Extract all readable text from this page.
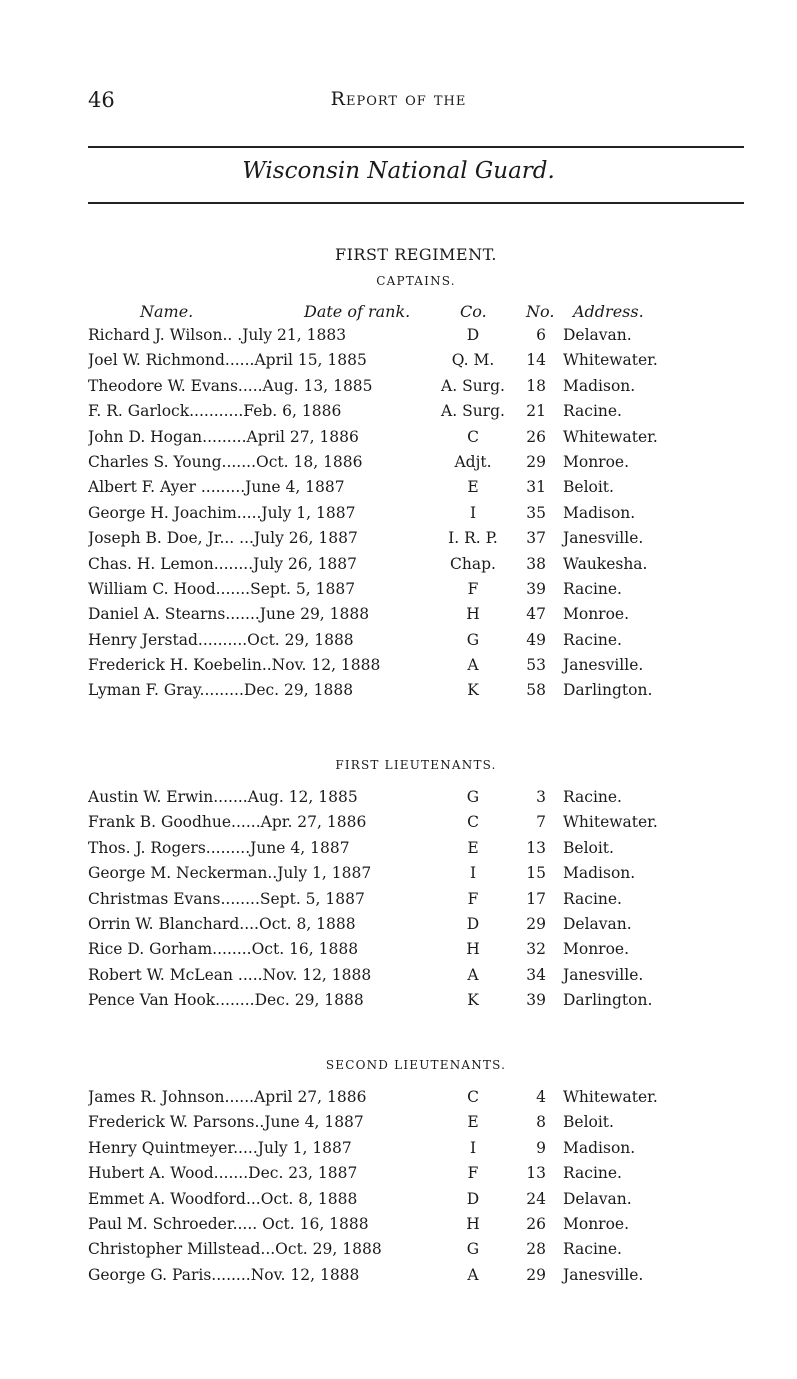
46	Report of the
Wisconsin National Guard.
FIRST REGIMENT.
CAPTAINS.
Name.	Date of rank.	Co. No. Address.
Richard J. Wilson.. .July 21, 1883	D	6 Delavan.
Joel W. Richmond......April 15, 1885	Q. M.	14 Whitewater.
Theodore W. Evans.....Aug. 13, 1885	A. Surg.	18 Madison.
F. R. Garlock...........Feb. 6, 1886	A. Surg.	21 Racine.
John D. Hogan.........April 27, 1886	C	26 Whitewater.
Charles S. Young.......Oct. 18, 1886	Adjt.	29 Monroe.
Albert F. Ayer .........June 4, 1887	E	31 Beloit.
George H. Joachim.....July 1, 1887	I	35 Madison.
Joseph B. Doe, Jr... ...July 26, 1887	I. R. P.	37 Janesville.
Chas. H. Lemon........July 26, 1887	Chap.	38 Waukesha.
William C. Hood.......Sept. 5, 1887	F	39 Racine.
Daniel A. Stearns.......June 29, 1888	H	47 Monroe.
Henry Jerstad..........Oct. 29, 1888	G	49 Racine.
Frederick H. Koebelin..Nov. 12, 1888	A	53 Janesville.
Lyman F. Gray.........Dec. 29, 1888	K	58 Darlington.
FIRST LIEUTENANTS.
Austin W. Erwin.......Aug. 12, 1885	G	3 Racine.
Frank B. Goodhue......Apr. 27, 1886	C	7 Whitewater.
Thos. J. Rogers.........June 4, 1887	E	13 Beloit.
George M. Neckerman..July 1, 1887	I	15 Madison.
Christmas Evans........Sept. 5, 1887	F	17 Racine.
Orrin W. Blanchard....Oct. 8, 1888	D	29 Delavan.
Rice D. Gorham........Oct. 16, 1888	H	32 Monroe.
Robert W. McLean .....Nov. 12, 1888	A	34 Janesville.
Pence Van Hook........Dec. 29, 1888	K	39 Darlington.
SECOND LIEUTENANTS.
James R. Johnson......April 27, 1886	C	4 Whitewater.
Frederick W. Parsons..June 4, 1887	E	8 Beloit.
Henry Quintmeyer.....July 1, 1887	I	9 Madison.
Hubert A. Wood.......Dec. 23, 1887	F	13 Racine.
Emmet A. Woodford...Oct. 8, 1888	D	24 Delavan.
Paul M. Schroeder..... Oct. 16, 1888	H	26 Monroe.
Christopher Millstead...Oct. 29, 1888	G	28 Racine.
George G. Paris........Nov. 12, 1888	A	29 Janesville.
